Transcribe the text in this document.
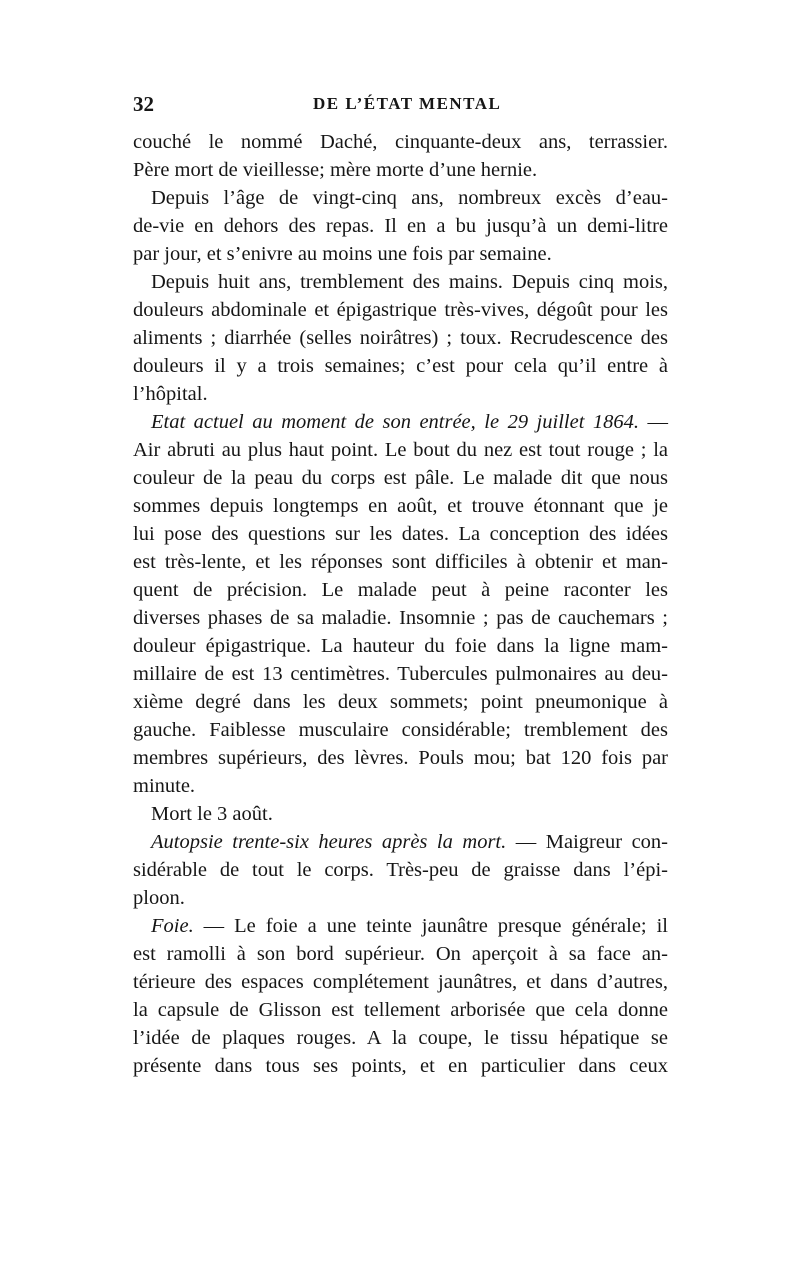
32	DE L’ÉTAT MENTAL
couché le nommé Daché, cinquante-deux ans, terrassier.
Père mort de vieillesse; mère morte d’une hernie.
Depuis l’âge de vingt-cinq ans, nombreux excès d’eau-
de-vie en dehors des repas. Il en a bu jusqu’à un demi-litre
par jour, et s’enivre au moins une fois par semaine.
Depuis huit ans, tremblement des mains. Depuis cinq mois,
douleurs abdominale et épigastrique très-vives, dégoût pour les
aliments ; diarrhée (selles noirâtres) ; toux. Recrudescence des
douleurs il y a trois semaines; c’est pour cela qu’il entre à
l’hôpital.
Etat actuel au moment de son entrée, le 29 juillet 1864. —
Air abruti au plus haut point. Le bout du nez est tout rouge ; la
couleur de la peau du corps est pâle. Le malade dit que nous
sommes depuis longtemps en août, et trouve étonnant que je
lui pose des questions sur les dates. La conception des idées
est très-lente, et les réponses sont difficiles à obtenir et man-
quent de précision. Le malade peut à peine raconter les
diverses phases de sa maladie. Insomnie ; pas de cauchemars ;
douleur épigastrique. La hauteur du foie dans la ligne mam-
millaire de est 13 centimètres. Tubercules pulmonaires au deu-
xième degré dans les deux sommets; point pneumonique à
gauche. Faiblesse musculaire considérable; tremblement des
membres supérieurs, des lèvres. Pouls mou; bat 120 fois par
minute.
Mort le 3 août.
Autopsie trente-six heures après la mort. — Maigreur con-
sidérable de tout le corps. Très-peu de graisse dans l’épi-
ploon.
Foie. — Le foie a une teinte jaunâtre presque générale; il
est ramolli à son bord supérieur. On aperçoit à sa face an-
térieure des espaces complétement jaunâtres, et dans d’autres,
la capsule de Glisson est tellement arborisée que cela donne
l’idée de plaques rouges. A la coupe, le tissu hépatique se
présente dans tous ses points, et en particulier dans ceux
